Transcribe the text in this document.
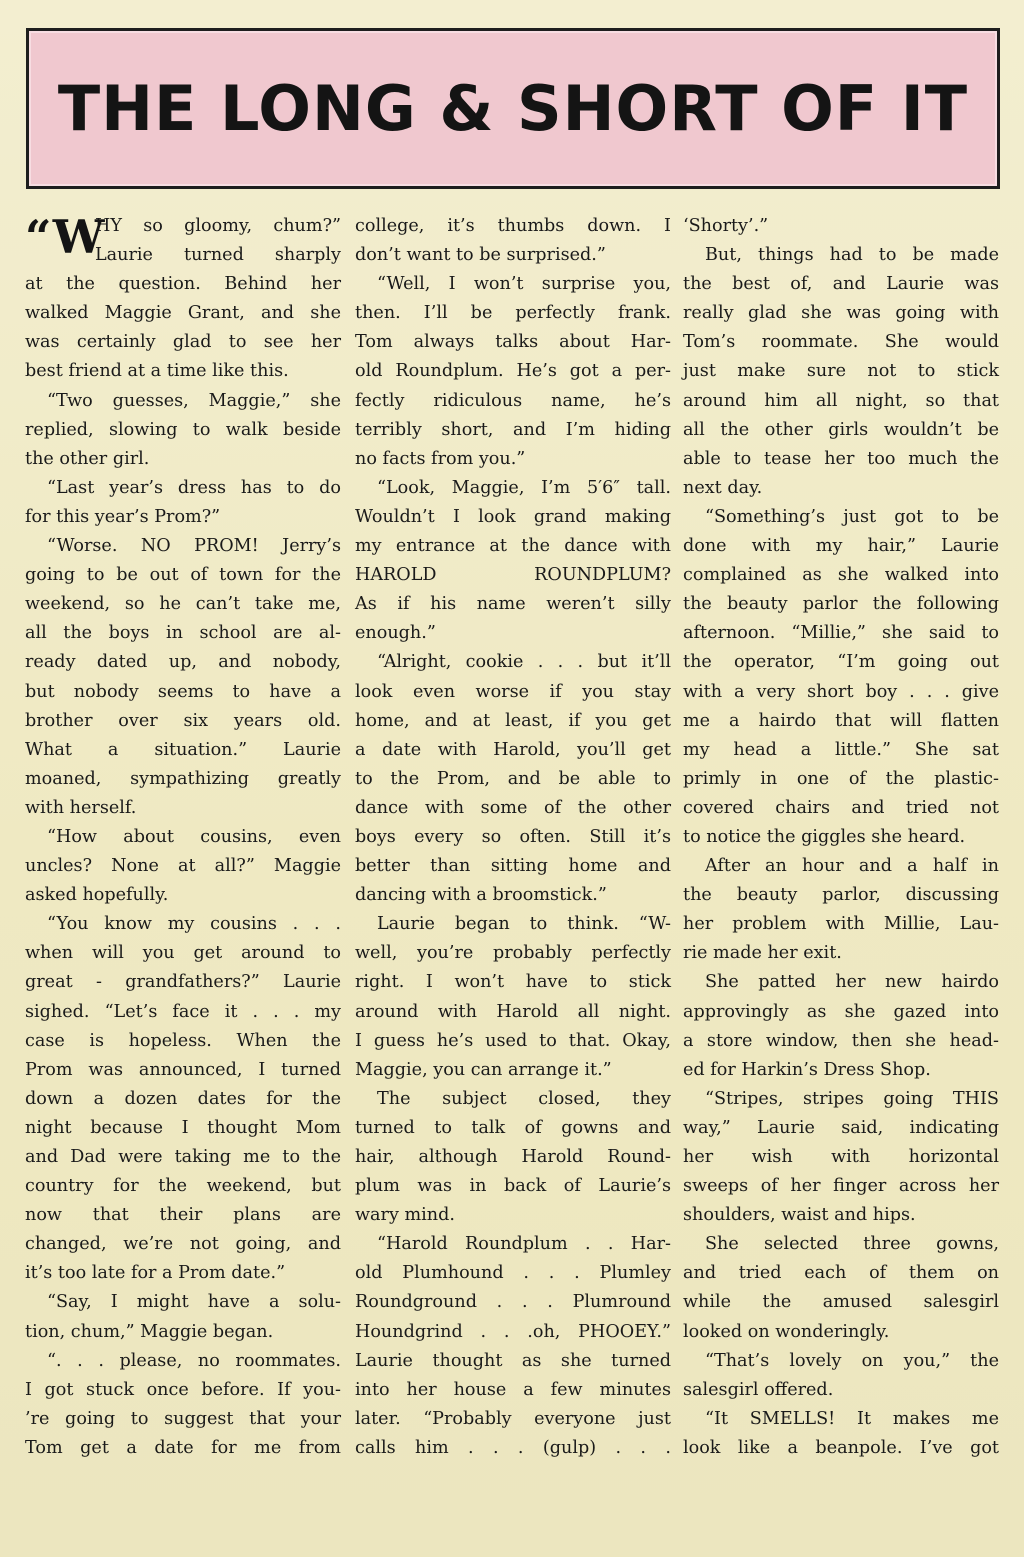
THE LONG & SHORT OF IT
“W
HY so gloomy, chum?”
Laurie turned sharply
at the question. Behind her
walked Maggie Grant, and she
was certainly glad to see her
best friend at a time like this.
“Two guesses, Maggie,” she
replied, slowing to walk beside
the other girl.
“Last year’s dress has to do
for this year’s Prom?”
“Worse. NO PROM! Jerry’s
going to be out of town for the
weekend, so he can’t take me,
all the boys in school are al-
ready dated up, and nobody,
but nobody seems to have a
brother over six years old.
What a situation.” Laurie
moaned, sympathizing greatly
with herself.
“How about cousins, even
uncles? None at all?” Maggie
asked hopefully.
“You know my cousins . . .
when will you get around to
great - grandfathers?” Laurie
sighed. “Let’s face it . . . my
case is hopeless. When the
Prom was announced, I turned
down a dozen dates for the
night because I thought Mom
and Dad were taking me to the
country for the weekend, but
now that their plans are
changed, we’re not going, and
it’s too late for a Prom date.”
“Say, I might have a solu-
tion, chum,” Maggie began.
“. . . please, no roommates.
I got stuck once before. If you-
’re going to suggest that your
Tom get a date for me from
college, it’s thumbs down. I
don’t want to be surprised.”
“Well, I won’t surprise you,
then. I’ll be perfectly frank.
Tom always talks about Har-
old Roundplum. He’s got a per-
fectly ridiculous name, he’s
terribly short, and I’m hiding
no facts from you.”
“Look, Maggie, I’m 5′6″ tall.
Wouldn’t I look grand making
my entrance at the dance with
HAROLD ROUNDPLUM?
As if his name weren’t silly
enough.”
“Alright, cookie . . . but it’ll
look even worse if you stay
home, and at least, if you get
a date with Harold, you’ll get
to the Prom, and be able to
dance with some of the other
boys every so often. Still it’s
better than sitting home and
dancing with a broomstick.”
Laurie began to think. “W-
well, you’re probably perfectly
right. I won’t have to stick
around with Harold all night.
I guess he’s used to that. Okay,
Maggie, you can arrange it.”
The subject closed, they
turned to talk of gowns and
hair, although Harold Round-
plum was in back of Laurie’s
wary mind.
“Harold Roundplum . . Har-
old Plumhound . . . Plumley
Roundground . . . Plumround
Houndgrind . . .oh, PHOOEY.”
Laurie thought as she turned
into her house a few minutes
later. “Probably everyone just
calls him . . . (gulp) . . .
‘Shorty’.”
But, things had to be made
the best of, and Laurie was
really glad she was going with
Tom’s roommate. She would
just make sure not to stick
around him all night, so that
all the other girls wouldn’t be
able to tease her too much the
next day.
“Something’s just got to be
done with my hair,” Laurie
complained as she walked into
the beauty parlor the following
afternoon. “Millie,” she said to
the operator, “I’m going out
with a very short boy . . . give
me a hairdo that will flatten
my head a little.” She sat
primly in one of the plastic-
covered chairs and tried not
to notice the giggles she heard.
After an hour and a half in
the beauty parlor, discussing
her problem with Millie, Lau-
rie made her exit.
She patted her new hairdo
approvingly as she gazed into
a store window, then she head-
ed for Harkin’s Dress Shop.
“Stripes, stripes going THIS
way,” Laurie said, indicating
her wish with horizontal
sweeps of her finger across her
shoulders, waist and hips.
She selected three gowns,
and tried each of them on
while the amused salesgirl
looked on wonderingly.
“That’s lovely on you,” the
salesgirl offered.
“It SMELLS! It makes me
look like a beanpole. I’ve got
